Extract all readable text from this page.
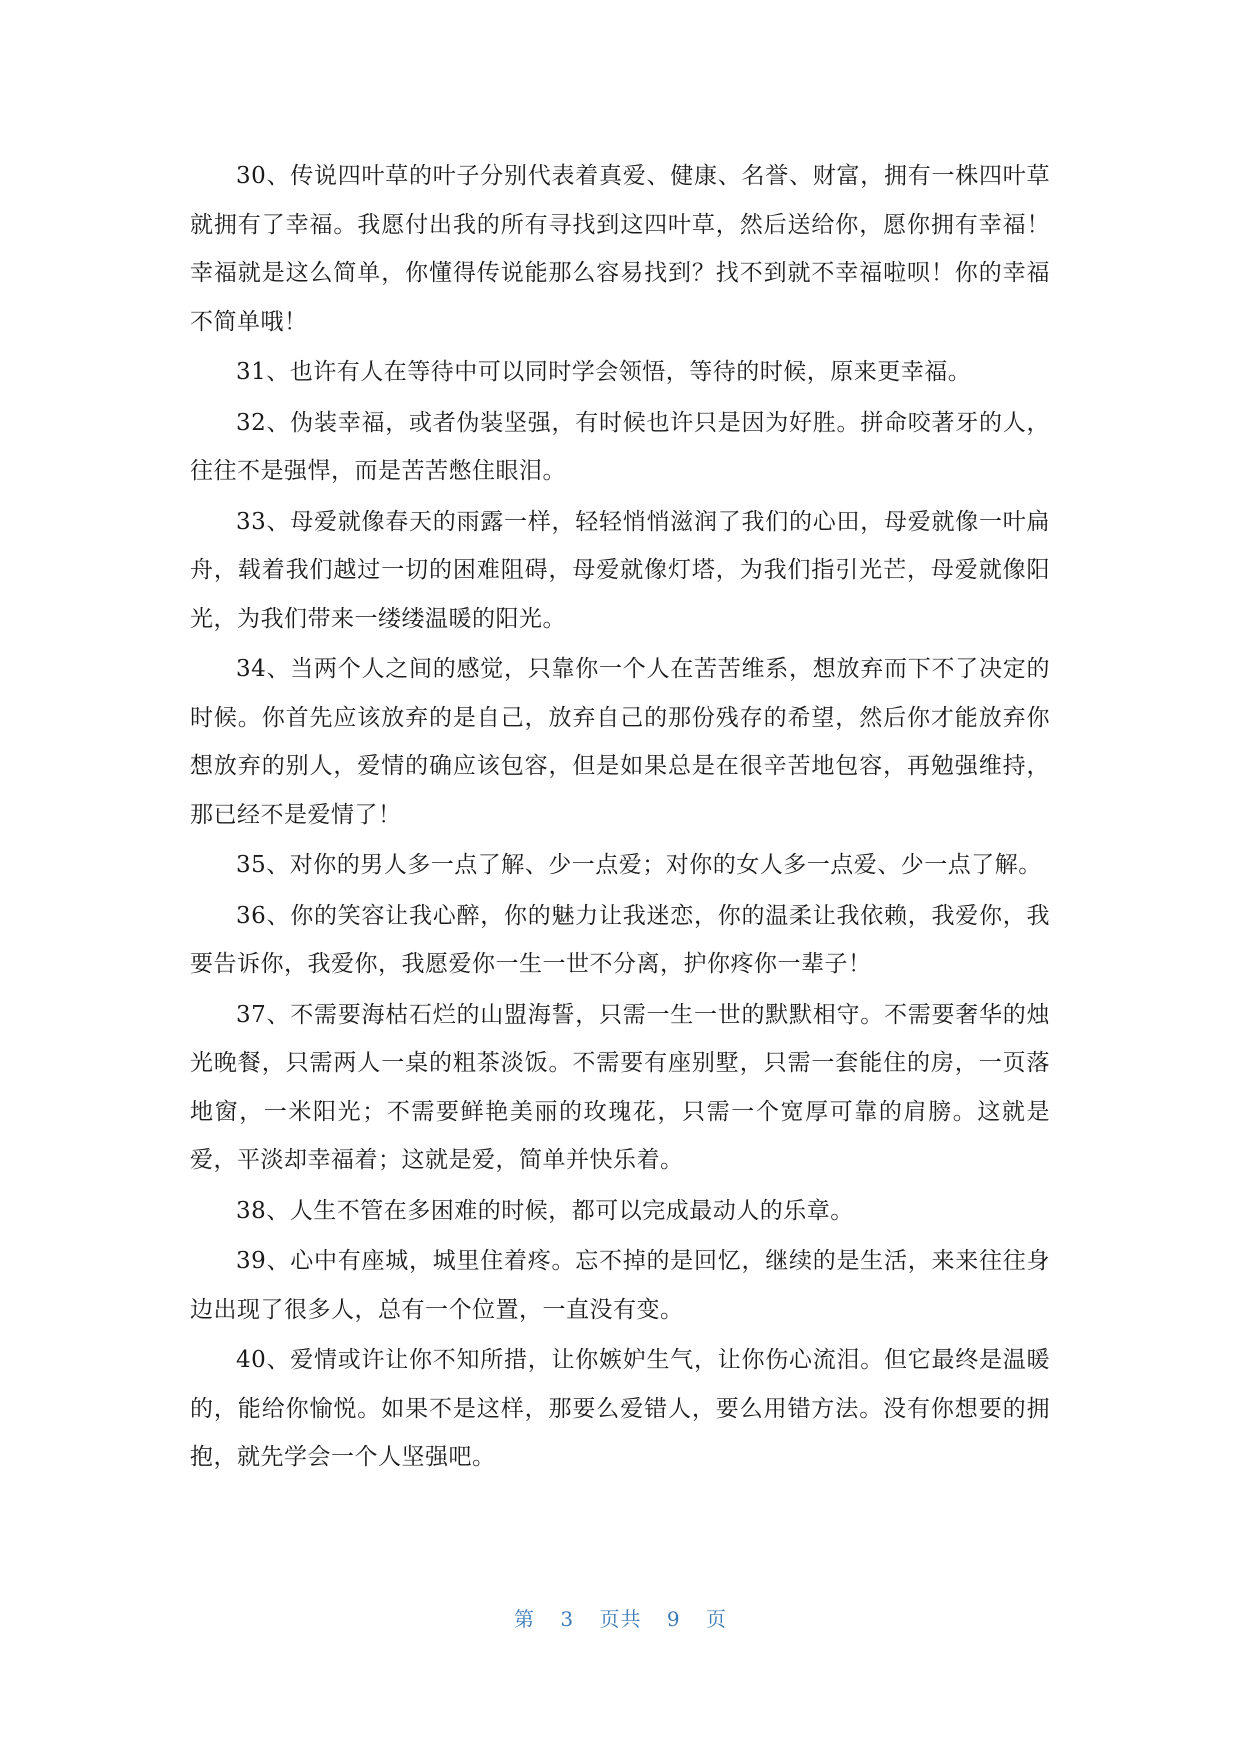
30、传说四叶草的叶子分别代表着真爱、健康、名誉、财富，拥有一株四叶草就拥有了幸福。我愿付出我的所有寻找到这四叶草，然后送给你，愿你拥有幸福！幸福就是这么简单，你懂得传说能那么容易找到？找不到就不幸福啦呗！你的幸福不简单哦！

31、也许有人在等待中可以同时学会领悟，等待的时候，原来更幸福。

32、伪装幸福，或者伪装坚强，有时候也许只是因为好胜。拼命咬著牙的人，往往不是强悍，而是苦苦憋住眼泪。

33、母爱就像春天的雨露一样，轻轻悄悄滋润了我们的心田，母爱就像一叶扁舟，载着我们越过一切的困难阻碍，母爱就像灯塔，为我们指引光芒，母爱就像阳光，为我们带来一缕缕温暖的阳光。

34、当两个人之间的感觉，只靠你一个人在苦苦维系，想放弃而下不了决定的时候。你首先应该放弃的是自己，放弃自己的那份残存的希望，然后你才能放弃你想放弃的别人，爱情的确应该包容，但是如果总是在很辛苦地包容，再勉强维持，那已经不是爱情了！

35、对你的男人多一点了解、少一点爱；对你的女人多一点爱、少一点了解。

36、你的笑容让我心醉，你的魅力让我迷恋，你的温柔让我依赖，我爱你，我要告诉你，我爱你，我愿爱你一生一世不分离，护你疼你一辈子！

37、不需要海枯石烂的山盟海誓，只需一生一世的默默相守。不需要奢华的烛光晚餐，只需两人一桌的粗茶淡饭。不需要有座别墅，只需一套能住的房，一页落地窗，一米阳光；不需要鲜艳美丽的玫瑰花，只需一个宽厚可靠的肩膀。这就是爱，平淡却幸福着；这就是爱，简单并快乐着。

38、人生不管在多困难的时候，都可以完成最动人的乐章。

39、心中有座城，城里住着疼。忘不掉的是回忆，继续的是生活，来来往往身边出现了很多人，总有一个位置，一直没有变。

40、爱情或许让你不知所措，让你嫉妒生气，让你伤心流泪。但它最终是温暖的，能给你愉悦。如果不是这样，那要么爱错人，要么用错方法。没有你想要的拥抱，就先学会一个人坚强吧。

第 3 页共 9 页
